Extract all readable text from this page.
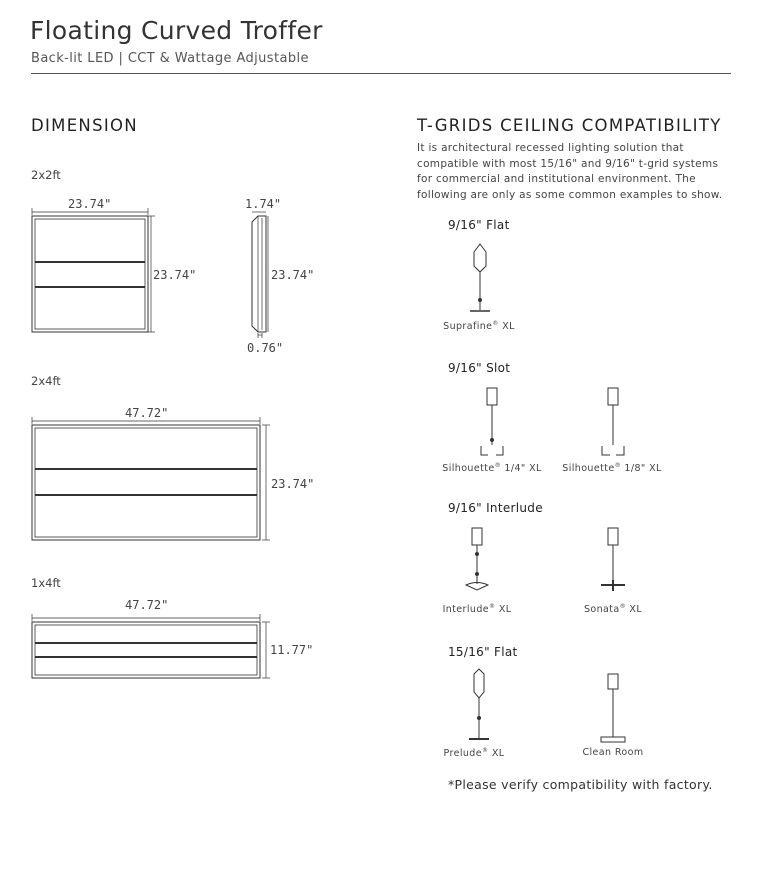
Floating Curved Troffer
Back-lit LED | CCT & Wattage Adjustable
DIMENSION
2x2ft
23.74"
23.74"
1.74"
23.74"
0.76"
2x4ft
47.72"
23.74"
1x4ft
47.72"
11.77"
T-GRIDS CEILING COMPATIBILITY
It is architectural recessed lighting solution that
compatible with most 15/16" and 9/16" t-grid systems
for commercial and institutional environment. The
following are only as some common examples to show.
9/16" Flat
Suprafine® XL
9/16" Slot
Silhouette® 1/4" XL	Silhouette® 1/8" XL
9/16" Interlude
Interlude® XL	Sonata® XL
15/16" Flat
Prelude® XL	Clean Room
*Please verify compatibility with factory.
